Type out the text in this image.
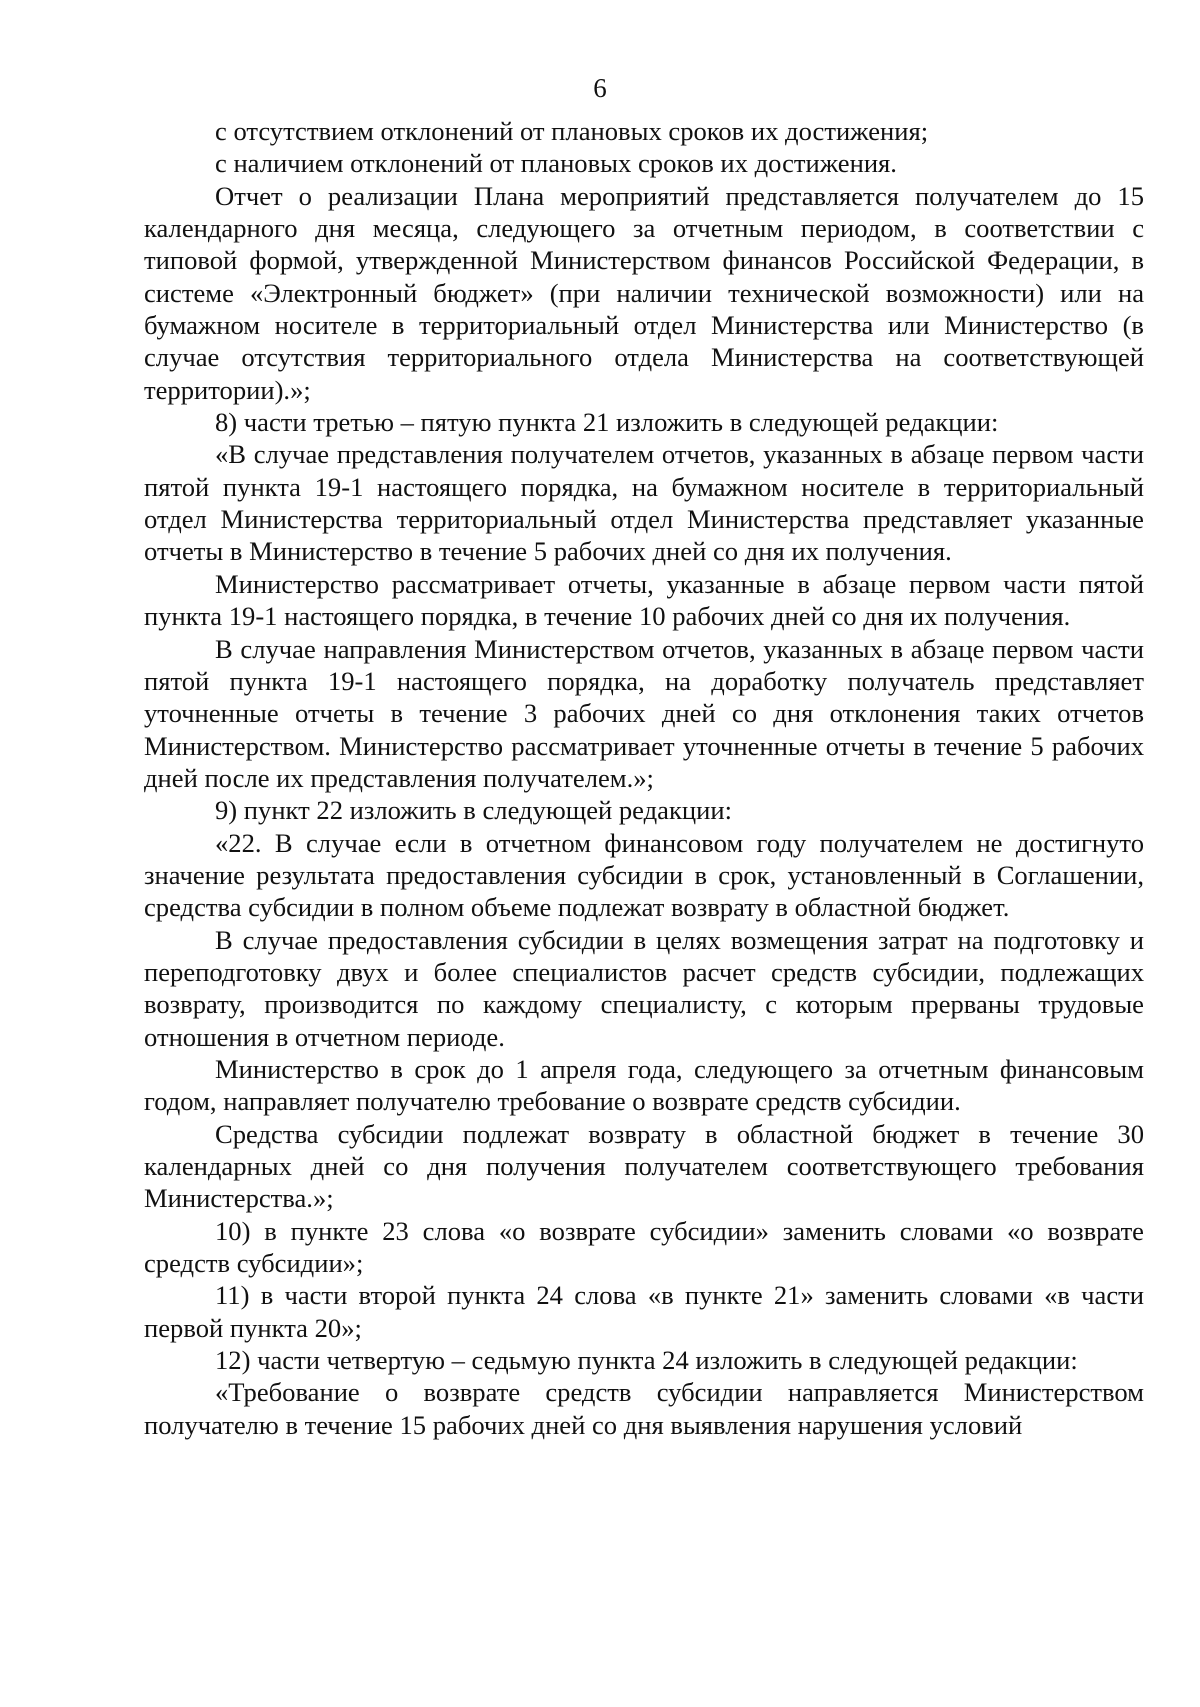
6

с отсутствием отклонений от плановых сроков их достижения;

с наличием отклонений от плановых сроков их достижения.

Отчет о реализации Плана мероприятий представляется получателем до 15 календарного дня месяца, следующего за отчетным периодом, в соответствии с типовой формой, утвержденной Министерством финансов Российской Федерации, в системе «Электронный бюджет» (при наличии технической возможности) или на бумажном носителе в территориальный отдел Министерства или Министерство (в случае отсутствия территориального отдела Министерства на соответствующей территории).»;

8) части третью – пятую пункта 21 изложить в следующей редакции:

«В случае представления получателем отчетов, указанных в абзаце первом части пятой пункта 19-1 настоящего порядка, на бумажном носителе в территориальный отдел Министерства территориальный отдел Министерства представляет указанные отчеты в Министерство в течение 5 рабочих дней со дня их получения.

Министерство рассматривает отчеты, указанные в абзаце первом части пятой пункта 19-1 настоящего порядка, в течение 10 рабочих дней со дня их получения.

В случае направления Министерством отчетов, указанных в абзаце первом части пятой пункта 19-1 настоящего порядка, на доработку получатель представляет уточненные отчеты в течение 3 рабочих дней со дня отклонения таких отчетов Министерством. Министерство рассматривает уточненные отчеты в течение 5 рабочих дней после их представления получателем.»;

9) пункт 22 изложить в следующей редакции:

«22. В случае если в отчетном финансовом году получателем не достигнуто значение результата предоставления субсидии в срок, установленный в Соглашении, средства субсидии в полном объеме подлежат возврату в областной бюджет.

В случае предоставления субсидии в целях возмещения затрат на подготовку и переподготовку двух и более специалистов расчет средств субсидии, подлежащих возврату, производится по каждому специалисту, с которым прерваны трудовые отношения в отчетном периоде.

Министерство в срок до 1 апреля года, следующего за отчетным финансовым годом, направляет получателю требование о возврате средств субсидии.

Средства субсидии подлежат возврату в областной бюджет в течение 30 календарных дней со дня получения получателем соответствующего требования Министерства.»;

10) в пункте 23 слова «о возврате субсидии» заменить словами «о возврате средств субсидии»;

11) в части второй пункта 24 слова «в пункте 21» заменить словами «в части первой пункта 20»;

12) части четвертую – седьмую пункта 24 изложить в следующей редакции:

«Требование о возврате средств субсидии направляется Министерством получателю в течение 15 рабочих дней со дня выявления нарушения условий
